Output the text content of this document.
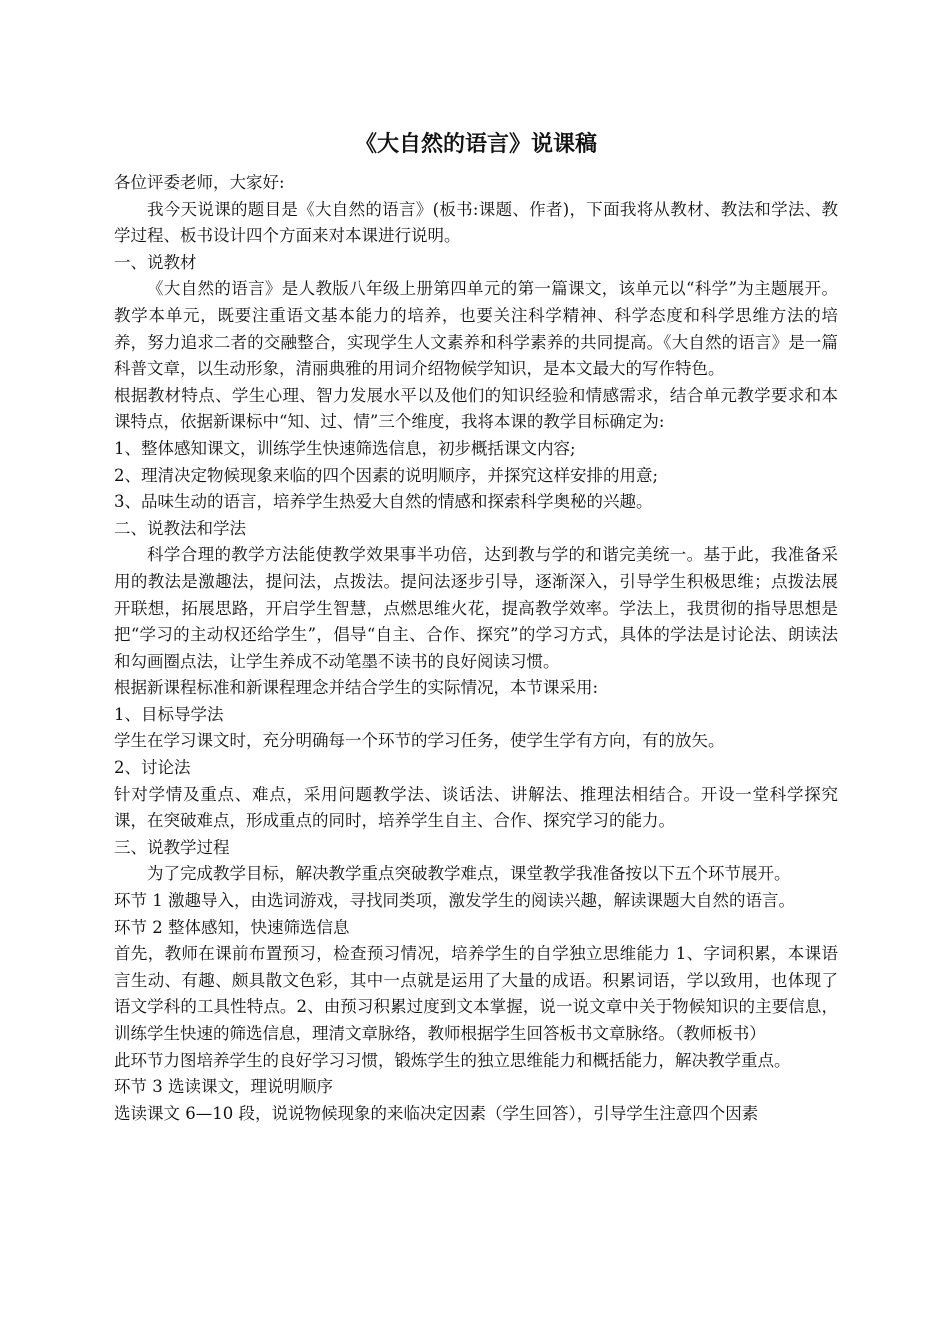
《大自然的语言》说课稿

各位评委老师，大家好:

我今天说课的题目是《大自然的语言》(板书:课题、作者)，下面我将从教材、教法和学法、教学过程、板书设计四个方面来对本课进行说明。

一、说教材

《大自然的语言》是人教版八年级上册第四单元的第一篇课文，该单元以“科学”为主题展开。教学本单元，既要注重语文基本能力的培养，也要关注科学精神、科学态度和科学思维方法的培养，努力追求二者的交融整合，实现学生人文素养和科学素养的共同提高。《大自然的语言》是一篇科普文章，以生动形象，清丽典雅的用词介绍物候学知识，是本文最大的写作特色。

根据教材特点、学生心理、智力发展水平以及他们的知识经验和情感需求，结合单元教学要求和本课特点，依据新课标中“知、过、情”三个维度，我将本课的教学目标确定为:

1、整体感知课文，训练学生快速筛选信息，初步概括课文内容;

2、理清决定物候现象来临的四个因素的说明顺序，并探究这样安排的用意;

3、品味生动的语言，培养学生热爱大自然的情感和探索科学奥秘的兴趣。

二、说教法和学法

科学合理的教学方法能使教学效果事半功倍，达到教与学的和谐完美统一。基于此，我准备采用的教法是激趣法，提问法，点拨法。提问法逐步引导，逐渐深入，引导学生积极思维；点拨法展开联想，拓展思路，开启学生智慧，点燃思维火花，提高教学效率。学法上，我贯彻的指导思想是把“学习的主动权还给学生”，倡导“自主、合作、探究”的学习方式，具体的学法是讨论法、朗读法和勾画圈点法，让学生养成不动笔墨不读书的良好阅读习惯。

根据新课程标准和新课程理念并结合学生的实际情况，本节课采用:

1、目标导学法

学生在学习课文时，充分明确每一个环节的学习任务，使学生学有方向，有的放矢。

2、讨论法

针对学情及重点、难点，采用问题教学法、谈话法、讲解法、推理法相结合。开设一堂科学探究课，在突破难点，形成重点的同时，培养学生自主、合作、探究学习的能力。

三、说教学过程

为了完成教学目标，解决教学重点突破教学难点，课堂教学我准备按以下五个环节展开。

环节 1 激趣导入，由选词游戏，寻找同类项，激发学生的阅读兴趣，解读课题大自然的语言。

环节 2 整体感知，快速筛选信息

首先，教师在课前布置预习，检查预习情况，培养学生的自学独立思维能力 1、字词积累，本课语言生动、有趣、颇具散文色彩，其中一点就是运用了大量的成语。积累词语，学以致用，也体现了语文学科的工具性特点。2、由预习积累过度到文本掌握，说一说文章中关于物候知识的主要信息，训练学生快速的筛选信息，理清文章脉络，教师根据学生回答板书文章脉络。（教师板书）

此环节力图培养学生的良好学习习惯，锻炼学生的独立思维能力和概括能力，解决教学重点。

环节 3 选读课文，理说明顺序

选读课文 6—10 段，说说物候现象的来临决定因素（学生回答），引导学生注意四个因素
